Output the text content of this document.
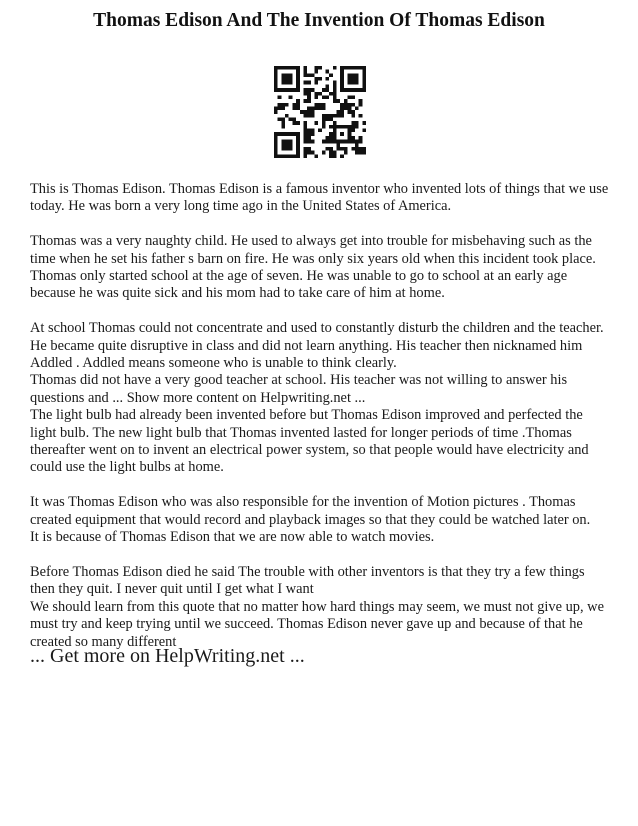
Thomas Edison And The Invention Of Thomas Edison

This is Thomas Edison. Thomas Edison is a famous inventor who invented lots of things that we use today. He was born a very long time ago in the United States of America.

Thomas was a very naughty child. He used to always get into trouble for misbehaving such as the time when he set his father s barn on fire. He was only six years old when this incident took place.
Thomas only started school at the age of seven. He was unable to go to school at an early age because he was quite sick and his mom had to take care of him at home.

At school Thomas could not concentrate and used to constantly disturb the children and the teacher. He became quite disruptive in class and did not learn anything. His teacher then nicknamed him Addled . Addled means someone who is unable to think clearly.
Thomas did not have a very good teacher at school. His teacher was not willing to answer his questions and ... Show more content on Helpwriting.net ...
The light bulb had already been invented before but Thomas Edison improved and perfected the light bulb. The new light bulb that Thomas invented lasted for longer periods of time .Thomas thereafter went on to invent an electrical power system, so that people would have electricity and could use the light bulbs at home.

It was Thomas Edison who was also responsible for the invention of Motion pictures . Thomas created equipment that would record and playback images so that they could be watched later on.
It is because of Thomas Edison that we are now able to watch movies.

Before Thomas Edison died he said The trouble with other inventors is that they try a few things then they quit. I never quit until I get what I want
We should learn from this quote that no matter how hard things may seem, we must not give up, we must try and keep trying until we succeed. Thomas Edison never gave up and because of that he created so many different

... Get more on HelpWriting.net ...
